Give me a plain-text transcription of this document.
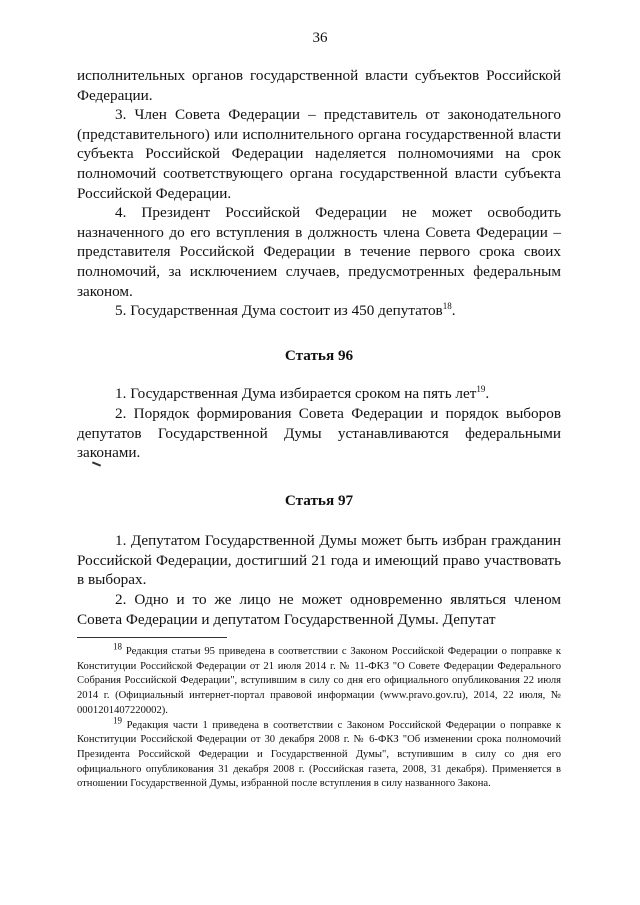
36

исполнительных органов государственной власти субъектов Российской Федерации.

3. Член Совета Федерации – представитель от законодательного (представительного) или исполнительного органа государственной власти субъекта Российской Федерации наделяется полномочиями на срок полномочий соответствующего органа государственной власти субъекта Российской Федерации.

4. Президент Российской Федерации не может освободить назначенного до его вступления в должность члена Совета Федерации – представителя Российской Федерации в течение первого срока своих полномочий, за исключением случаев, предусмотренных федеральным законом.

5. Государственная Дума состоит из 450 депутатов$^{18}$.

Статья 96

1. Государственная Дума избирается сроком на пять лет$^{19}$.

2. Порядок формирования Совета Федерации и порядок выборов депутатов Государственной Думы устанавливаются федеральными законами.

Статья 97

1. Депутатом Государственной Думы может быть избран гражданин Российской Федерации, достигший 21 года и имеющий право участвовать в выборах.

2. Одно и то же лицо не может одновременно являться членом Совета Федерации и депутатом Государственной Думы. Депутат

$^{18}$ Редакция статьи 95 приведена в соответствии с Законом Российской Федерации о поправке к Конституции Российской Федерации от 21 июля 2014 г. № 11-ФКЗ "О Совете Федерации Федерального Собрания Российской Федерации", вступившим в силу со дня его официального опубликования 22 июля 2014 г. (Официальный интернет-портал правовой информации (www.pravo.gov.ru), 2014, 22 июля, № 0001201407220002).

$^{19}$ Редакция части 1 приведена в соответствии с Законом Российской Федерации о поправке к Конституции Российской Федерации от 30 декабря 2008 г. № 6-ФКЗ "Об изменении срока полномочий Президента Российской Федерации и Государственной Думы", вступившим в силу со дня его официального опубликования 31 декабря 2008 г. (Российская газета, 2008, 31 декабря). Применяется в отношении Государственной Думы, избранной после вступления в силу названного Закона.
